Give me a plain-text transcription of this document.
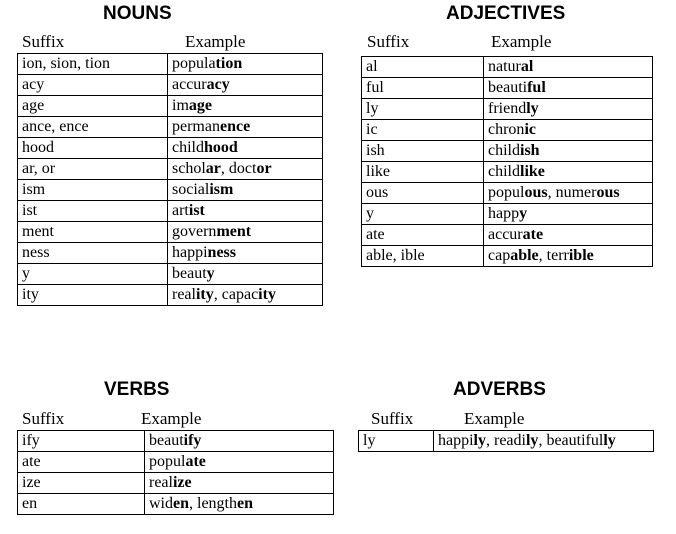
NOUNS
Suffix	Example
ion, sion, tion	population
acy	accuracy
age	image
ance, ence	permanence
hood	childhood
ar, or	scholar, doctor
ism	socialism
ist	artist
ment	government
ness	happiness
y	beauty
ity	reality, capacity
ADJECTIVES
Suffix	Example
al	natural
ful	beautiful
ly	friendly
ic	chronic
ish	childish
like	childlike
ous	populous, numerous
y	happy
ate	accurate
able, ible	capable, terrible
VERBS
Suffix	Example
ify	beautify
ate	populate
ize	realize
en	widen, lengthen
ADVERBS
Suffix	Example
ly	happily, readily, beautifully
